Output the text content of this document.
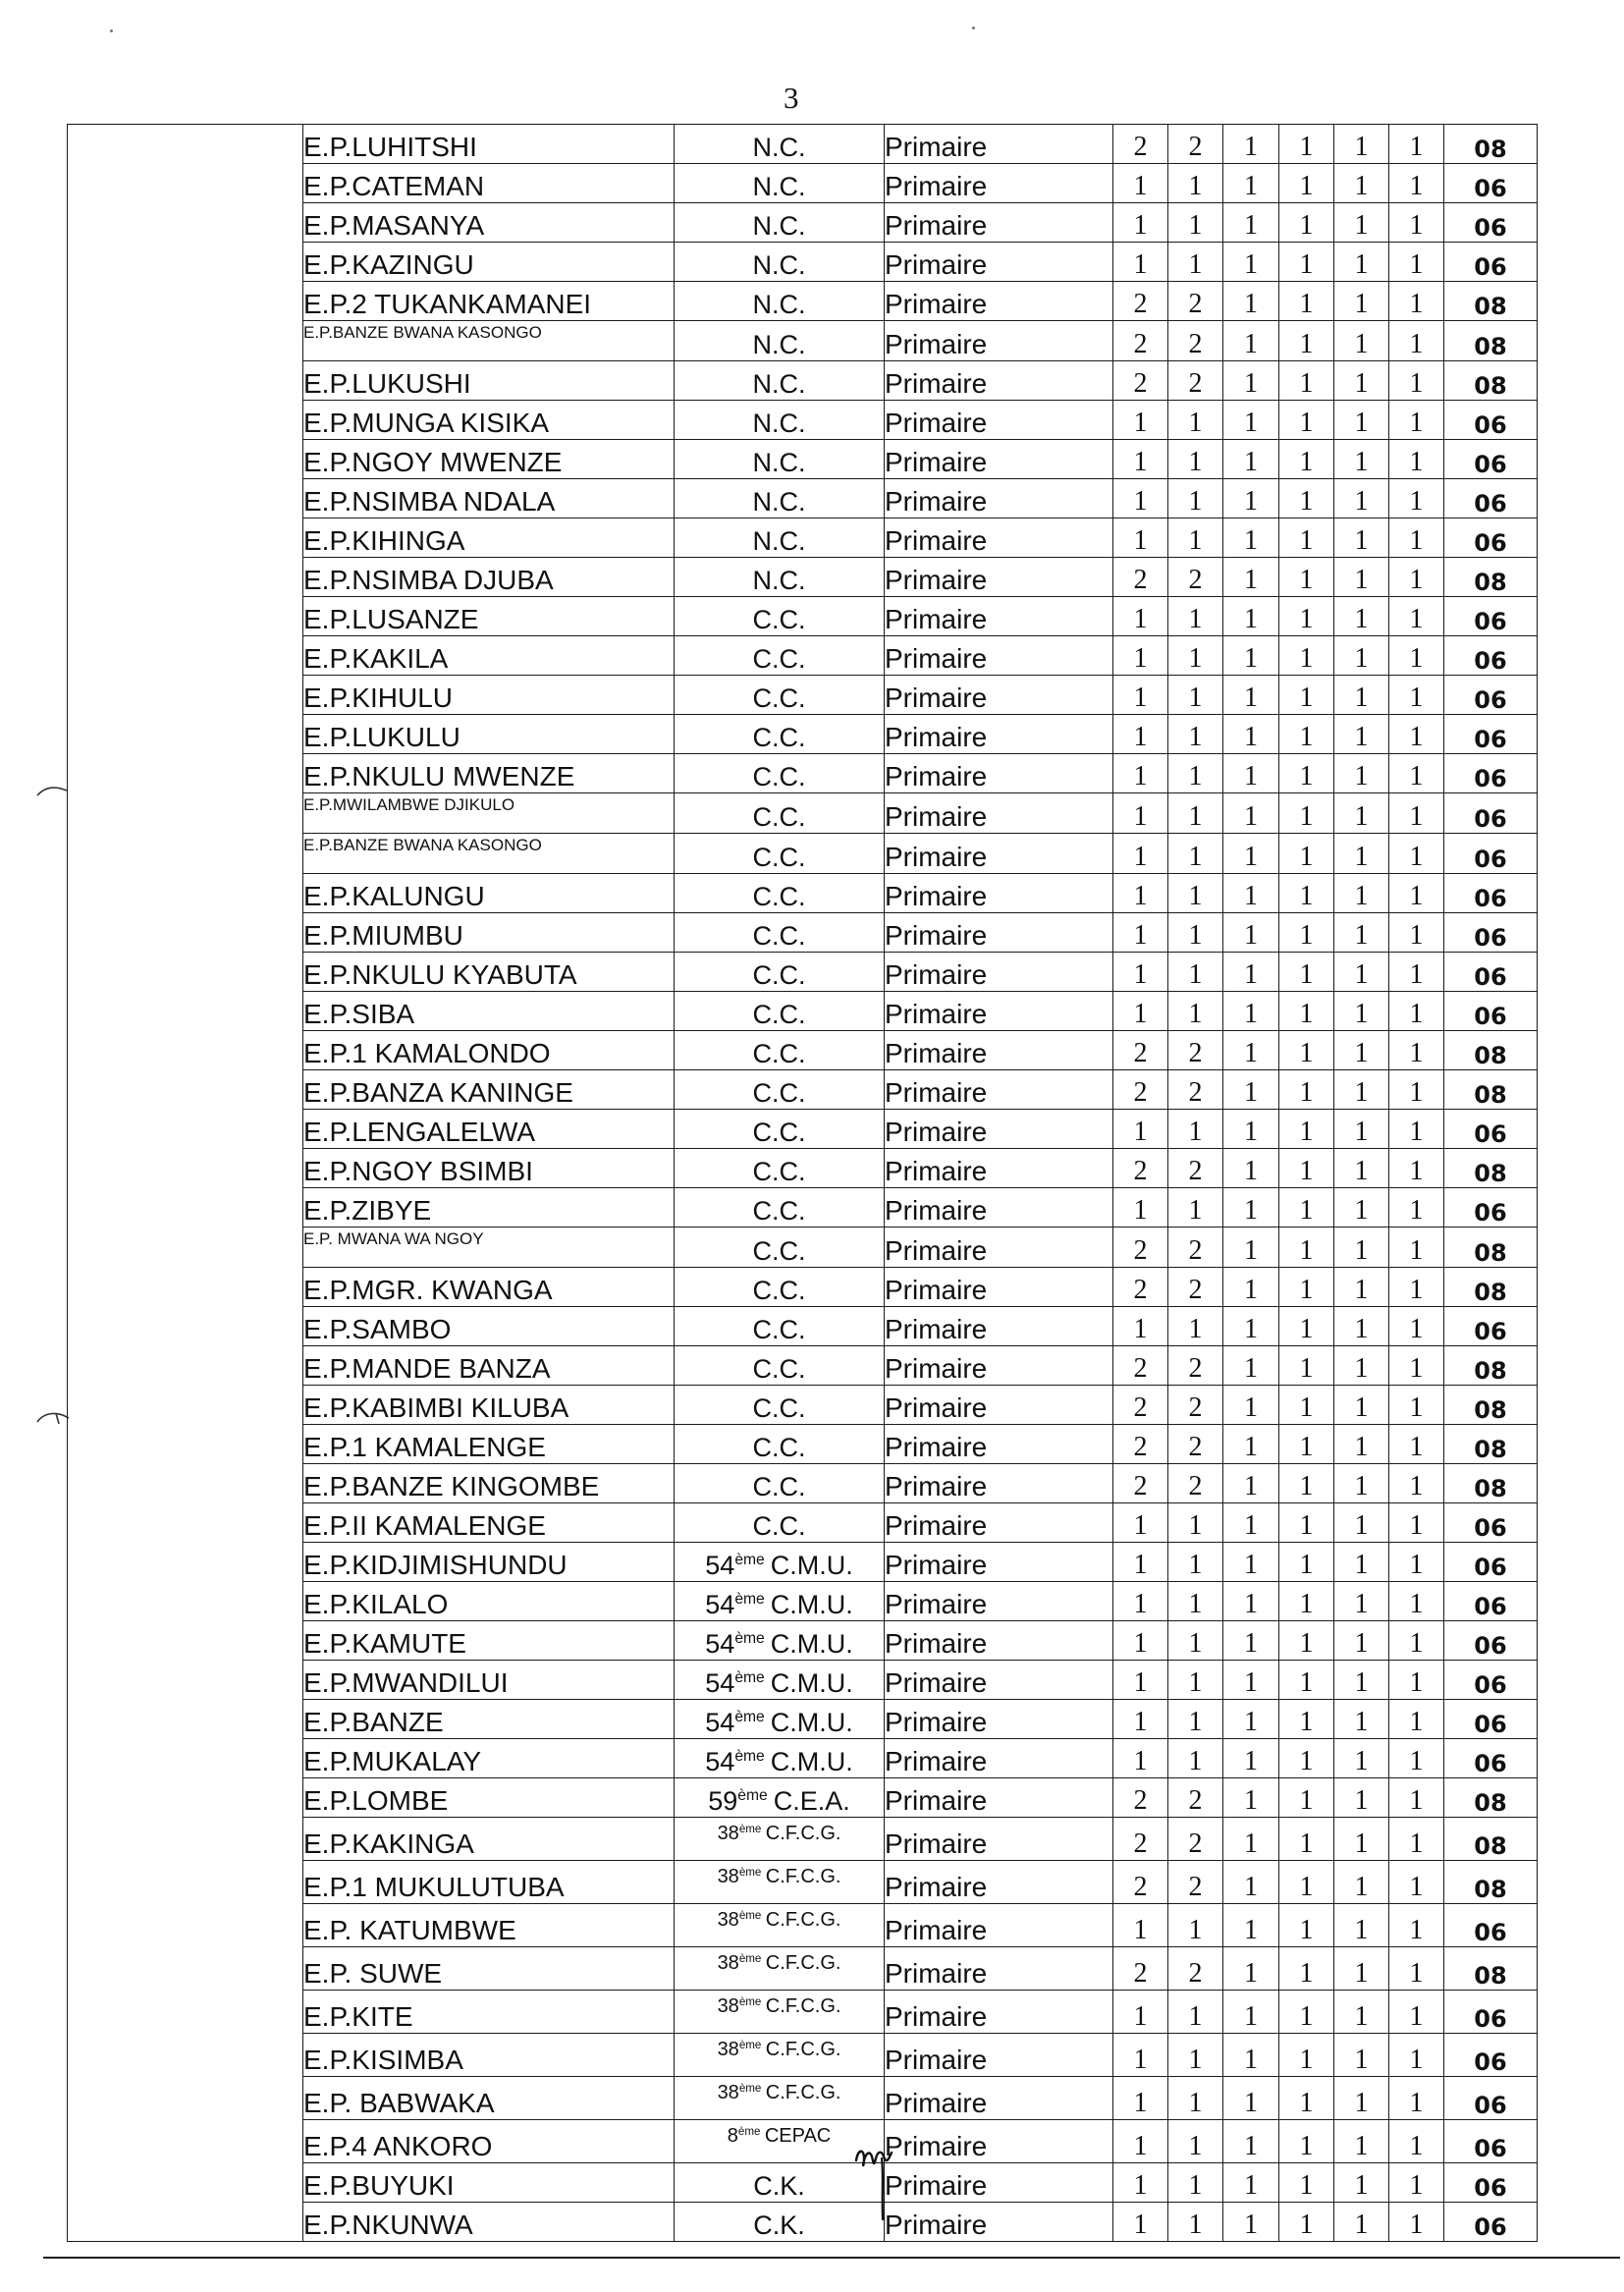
3
	E.P.LUHITSHI	N.C.	Primaire	2	2	1	1	1	1	08
	E.P.CATEMAN	N.C.	Primaire	1	1	1	1	1	1	06
	E.P.MASANYA	N.C.	Primaire	1	1	1	1	1	1	06
	E.P.KAZINGU	N.C.	Primaire	1	1	1	1	1	1	06
	E.P.2 TUKANKAMANEI	N.C.	Primaire	2	2	1	1	1	1	08
	E.P.BANZE BWANA KASONGO	N.C.	Primaire	2	2	1	1	1	1	08
	E.P.LUKUSHI	N.C.	Primaire	2	2	1	1	1	1	08
	E.P.MUNGA KISIKA	N.C.	Primaire	1	1	1	1	1	1	06
	E.P.NGOY MWENZE	N.C.	Primaire	1	1	1	1	1	1	06
	E.P.NSIMBA NDALA	N.C.	Primaire	1	1	1	1	1	1	06
	E.P.KIHINGA	N.C.	Primaire	1	1	1	1	1	1	06
	E.P.NSIMBA DJUBA	N.C.	Primaire	2	2	1	1	1	1	08
	E.P.LUSANZE	C.C.	Primaire	1	1	1	1	1	1	06
	E.P.KAKILA	C.C.	Primaire	1	1	1	1	1	1	06
	E.P.KIHULU	C.C.	Primaire	1	1	1	1	1	1	06
	E.P.LUKULU	C.C.	Primaire	1	1	1	1	1	1	06
	E.P.NKULU MWENZE	C.C.	Primaire	1	1	1	1	1	1	06
	E.P.MWILAMBWE DJIKULO	C.C.	Primaire	1	1	1	1	1	1	06
	E.P.BANZE BWANA KASONGO	C.C.	Primaire	1	1	1	1	1	1	06
	E.P.KALUNGU	C.C.	Primaire	1	1	1	1	1	1	06
	E.P.MIUMBU	C.C.	Primaire	1	1	1	1	1	1	06
	E.P.NKULU KYABUTA	C.C.	Primaire	1	1	1	1	1	1	06
	E.P.SIBA	C.C.	Primaire	1	1	1	1	1	1	06
	E.P.1 KAMALONDO	C.C.	Primaire	2	2	1	1	1	1	08
	E.P.BANZA KANINGE	C.C.	Primaire	2	2	1	1	1	1	08
	E.P.LENGALELWA	C.C.	Primaire	1	1	1	1	1	1	06
	E.P.NGOY BSIMBI	C.C.	Primaire	2	2	1	1	1	1	08
	E.P.ZIBYE	C.C.	Primaire	1	1	1	1	1	1	06
	E.P. MWANA WA NGOY	C.C.	Primaire	2	2	1	1	1	1	08
	E.P.MGR. KWANGA	C.C.	Primaire	2	2	1	1	1	1	08
	E.P.SAMBO	C.C.	Primaire	1	1	1	1	1	1	06
	E.P.MANDE BANZA	C.C.	Primaire	2	2	1	1	1	1	08
	E.P.KABIMBI KILUBA	C.C.	Primaire	2	2	1	1	1	1	08
	E.P.1 KAMALENGE	C.C.	Primaire	2	2	1	1	1	1	08
	E.P.BANZE KINGOMBE	C.C.	Primaire	2	2	1	1	1	1	08
	E.P.II KAMALENGE	C.C.	Primaire	1	1	1	1	1	1	06
	E.P.KIDJIMISHUNDU	54ème C.M.U.	Primaire	1	1	1	1	1	1	06
	E.P.KILALO	54ème C.M.U.	Primaire	1	1	1	1	1	1	06
	E.P.KAMUTE	54ème C.M.U.	Primaire	1	1	1	1	1	1	06
	E.P.MWANDILUI	54ème C.M.U.	Primaire	1	1	1	1	1	1	06
	E.P.BANZE	54ème C.M.U.	Primaire	1	1	1	1	1	1	06
	E.P.MUKALAY	54ème C.M.U.	Primaire	1	1	1	1	1	1	06
	E.P.LOMBE	59ème C.E.A.	Primaire	2	2	1	1	1	1	08
	E.P.KAKINGA	38ème C.F.C.G.	Primaire	2	2	1	1	1	1	08
	E.P.1 MUKULUTUBA	38ème C.F.C.G.	Primaire	2	2	1	1	1	1	08
	E.P. KATUMBWE	38ème C.F.C.G.	Primaire	1	1	1	1	1	1	06
	E.P. SUWE	38ème C.F.C.G.	Primaire	2	2	1	1	1	1	08
	E.P.KITE	38ème C.F.C.G.	Primaire	1	1	1	1	1	1	06
	E.P.KISIMBA	38ème C.F.C.G.	Primaire	1	1	1	1	1	1	06
	E.P. BABWAKA	38ème C.F.C.G.	Primaire	1	1	1	1	1	1	06
	E.P.4 ANKORO	8ème CEPAC	Primaire	1	1	1	1	1	1	06
	E.P.BUYUKI	C.K.	Primaire	1	1	1	1	1	1	06
	E.P.NKUNWA	C.K.	Primaire	1	1	1	1	1	1	06
